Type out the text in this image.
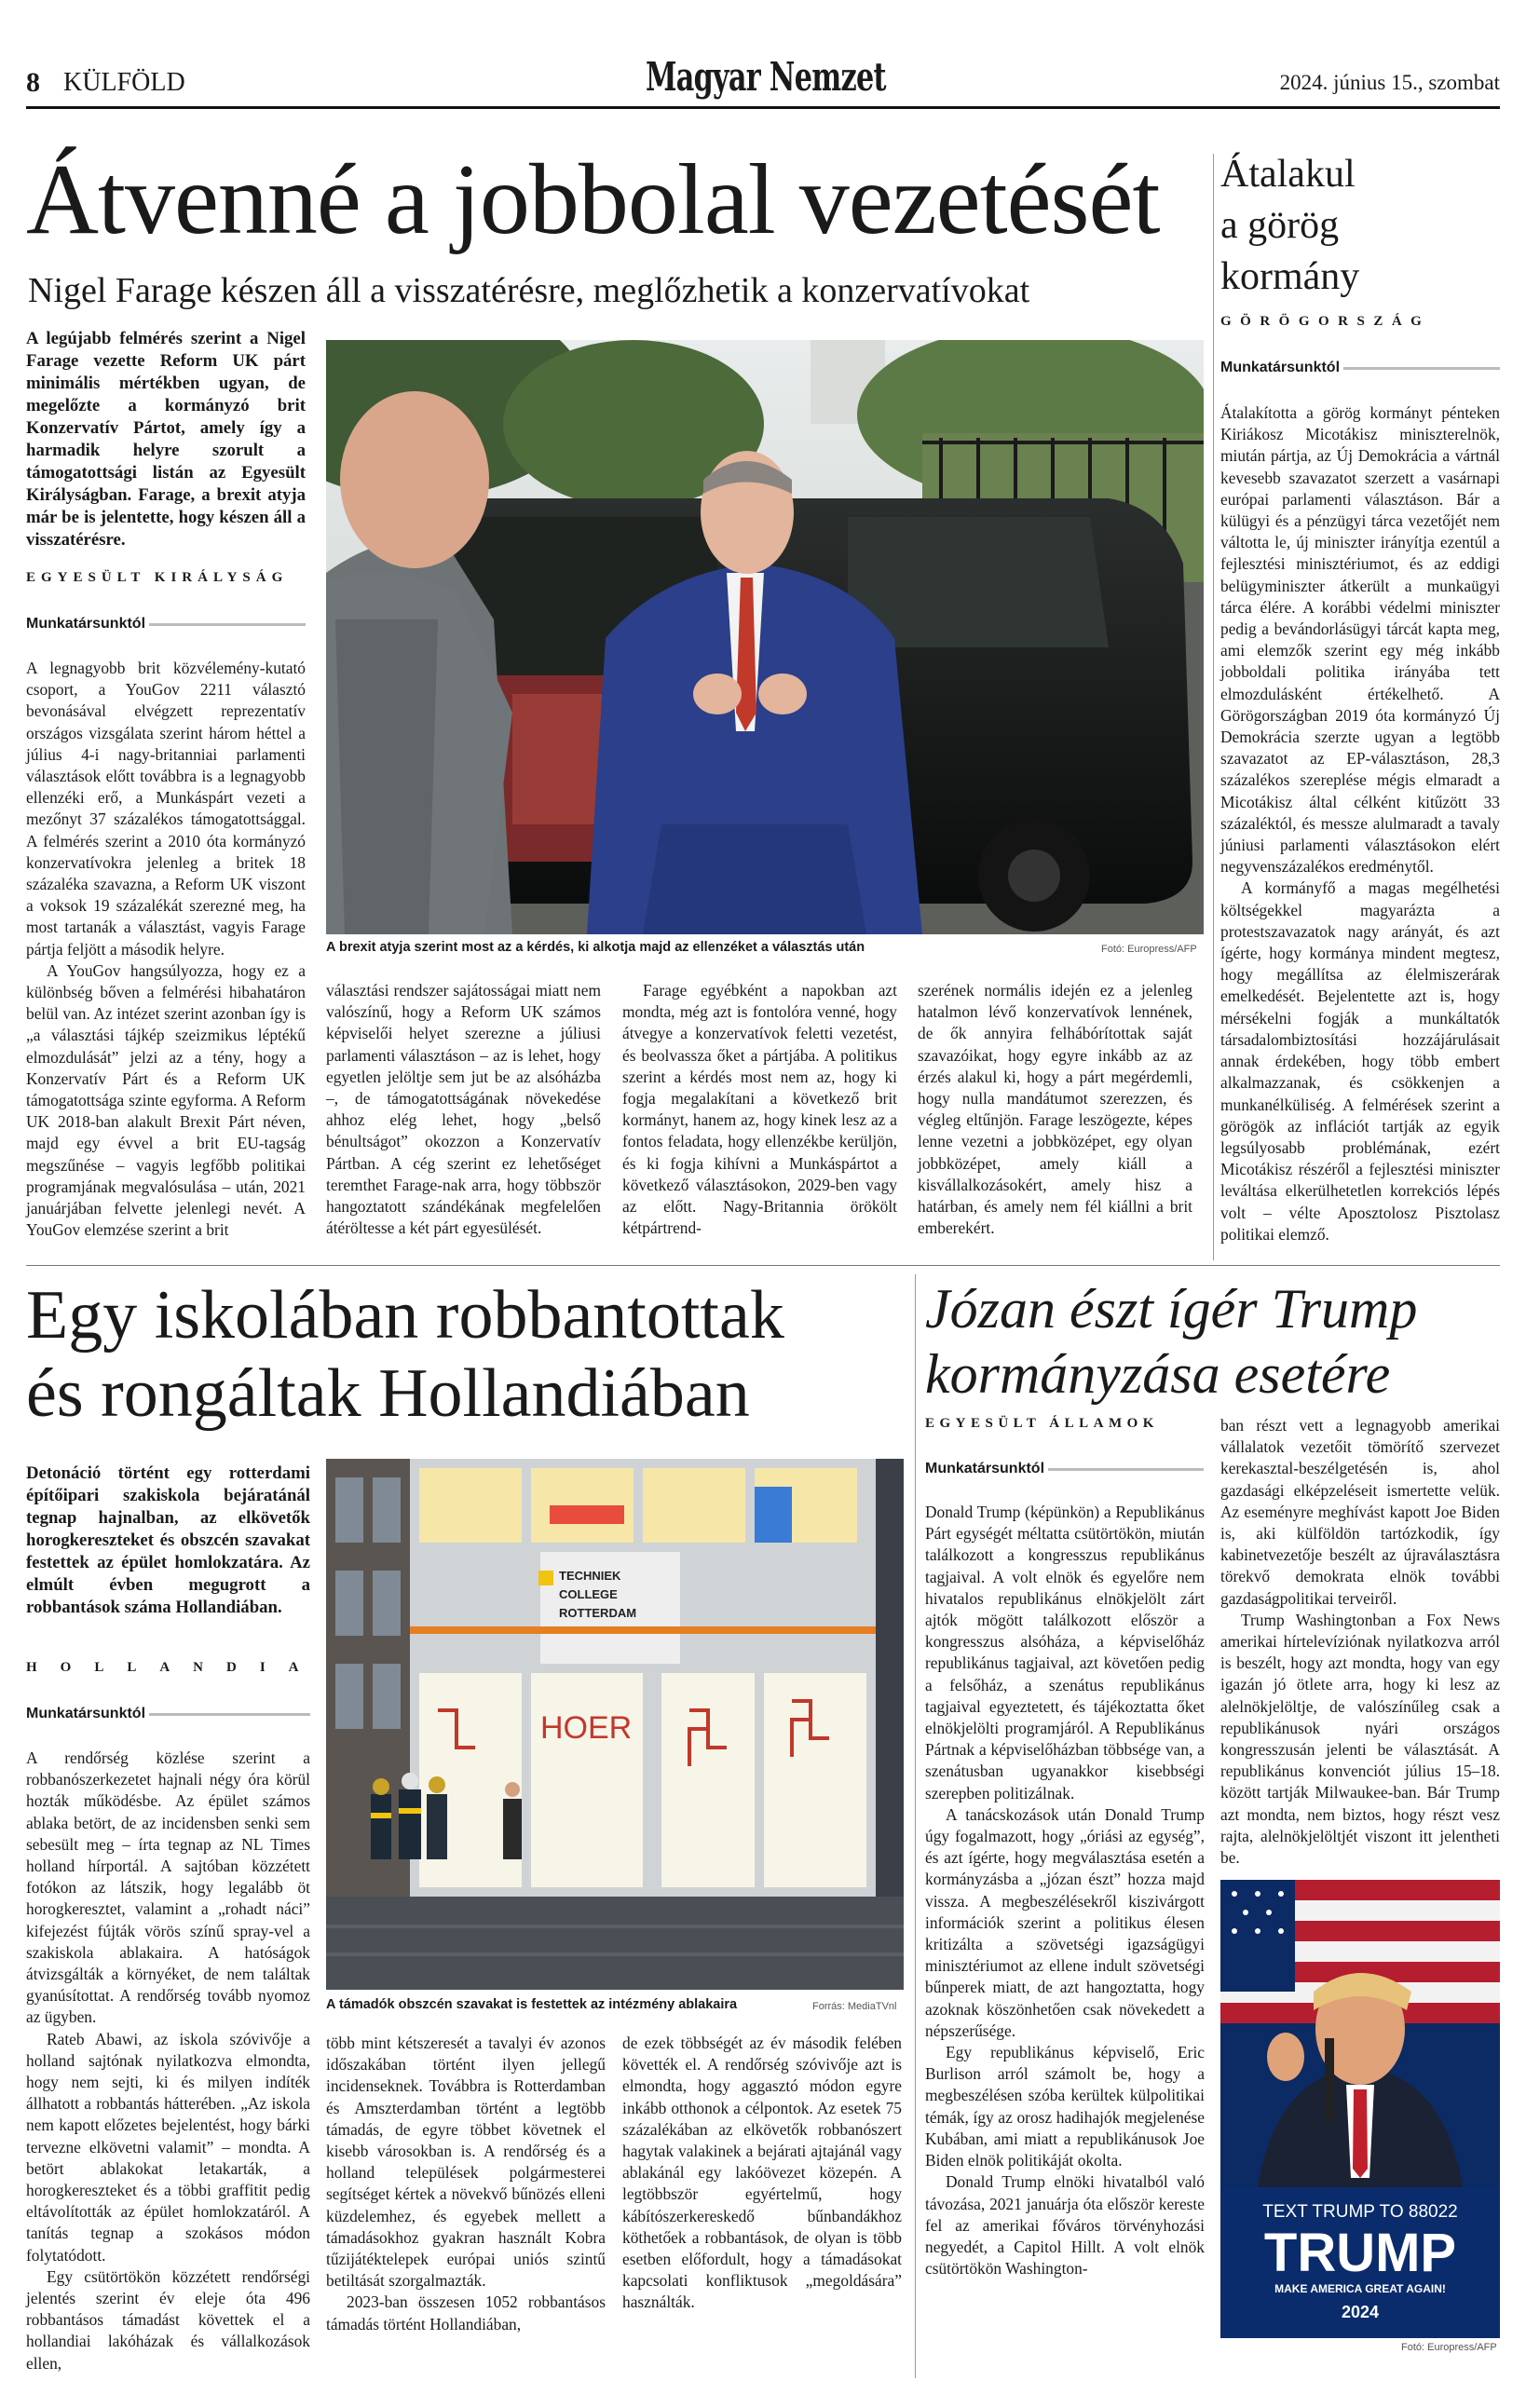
8 KÜLFÖLD	Magyar Nemzet	2024. június 15., szombat
Átvenné a jobbolal vezetését
Nigel Farage készen áll a visszatérésre, meglőzhetik a konzervatívokat
A legújabb felmérés szerint a Nigel Farage vezette Reform UK párt minimális mértékben ugyan, de megelőzte a kormányzó brit Konzervatív Pártot, amely így a harmadik helyre szorult a támogatottsági listán az Egyesült Királyságban. Farage, a brexit atyja már be is jelentette, hogy készen áll a visszatérésre.
EGYESÜLT KIRÁLYSÁG
Munkatársunktól

A legnagyobb brit közvélemény-kutató csoport, a YouGov 2211 választó bevonásával elvégzett reprezentatív országos vizsgálata szerint három héttel a július 4-i nagy-britanniai parlamenti választások előtt továbbra is a legnagyobb ellenzéki erő, a Munkáspárt vezeti a mezőnyt 37 százalékos támogatottsággal. A felmérés szerint a 2010 óta kormányzó konzervatívokra jelenleg a britek 18 százaléka szavazna, a Reform UK viszont a voksok 19 százalékát szerezné meg, ha most tartanák a választást, vagyis Farage pártja feljött a második helyre.

A YouGov hangsúlyozza, hogy ez a különbség bőven a felmérési hibahatáron belül van. Az intézet szerint azonban így is „a választási tájkép szeizmikus léptékű elmozdulását” jelzi az a tény, hogy a Konzervatív Párt és a Reform UK támogatottsága szinte egyforma. A Reform UK 2018-ban alakult Brexit Párt néven, majd egy évvel a brit EU-tagság megszűnése – vagyis legfőbb politikai programjának megvalósulása – után, 2021 januárjában felvette jelenlegi nevét. A YouGov elemzése szerint a brit

A brexit atyja szerint most az a kérdés, ki alkotja majd az ellenzéket a választás után	Fotó: Europress/AFP

választási rendszer sajátosságai miatt nem valószínű, hogy a Reform UK számos képviselői helyet szerezne a júliusi parlamenti választáson – az is lehet, hogy egyetlen jelöltje sem jut be az alsóházba –, de támogatottságának növekedése ahhoz elég lehet, hogy „belső bénultságot” okozzon a Konzervatív Pártban. A cég szerint ez lehetőséget teremthet Farage-nak arra, hogy többször hangoztatott szándékának megfelelően átéröltesse a két párt egyesülését.

Farage egyébként a napokban azt mondta, még azt is fontolóra venné, hogy átvegye a konzervatívok feletti vezetést, és beolvassza őket a pártjába. A politikus szerint a kérdés most nem az, hogy ki fogja megalakítani a következő brit kormányt, hanem az, hogy kinek lesz az a fontos feladata, hogy ellenzékbe kerüljön, és ki fogja kihívni a Munkáspártot a következő választásokon, 2029-ben vagy az előtt. Nagy-Britannia örökölt kétpártrend-

szerének normális idején ez a jelenleg hatalmon lévő konzervatívok lennének, de ők annyira felhábórítottak saját szavazóikat, hogy egyre inkább az az érzés alakul ki, hogy a párt megérdemli, hogy nulla mandátumot szerezzen, és végleg eltűnjön. Farage leszögezte, képes lenne vezetni a jobbközépet, egy olyan jobbközépet, amely kiáll a kisvállalkozásokért, amely hisz a határban, és amely nem fél kiállni a brit emberekért.

Átalakul
a görög
kormány
GÖRÖGORSZÁG
Munkatársunktól

Átalakította a görög kormányt pénteken Kiriákosz Micotákisz miniszterelnök, miután pártja, az Új Demokrácia a vártnál kevesebb szavazatot szerzett a vasárnapi európai parlamenti választáson. Bár a külügyi és a pénzügyi tárca vezetőjét nem váltotta le, új miniszter irányítja ezentúl a fejlesztési minisztériumot, és az eddigi belügyminiszter átkerült a munkaügyi tárca élére. A korábbi védelmi miniszter pedig a bevándorlásügyi tárcát kapta meg, ami elemzők szerint egy még inkább jobboldali politika irányába tett elmozdulásként értékelhető. A Görögországban 2019 óta kormányzó Új Demokrácia szerzte ugyan a legtöbb szavazatot az EP-választáson, 28,3 százalékos szereplése mégis elmaradt a Micotákisz által célként kitűzött 33 százaléktól, és messze alulmaradt a tavaly júniusi parlamenti választásokon elért negyvenszázalékos eredménytől.

A kormányfő a magas megélhetési költségekkel magyarázta a protestszavazatok nagy arányát, és azt ígérte, hogy kormánya mindent megtesz, hogy megállítsa az élelmiszerárak emelkedését. Bejelentette azt is, hogy mérsékelni fogják a munkáltatók társadalombiztosítási hozzájárulásait annak érdekében, hogy több embert alkalmazzanak, és csökkenjen a munkanélküliség. A felmérések szerint a görögök az inflációt tartják az egyik legsúlyosabb problémának, ezért Micotákisz részéről a fejlesztési miniszter leváltása elkerülhetetlen korrekciós lépés volt – vélte Aposztolosz Pisztolasz politikai elemző.

Egy iskolában robbantottak
és rongáltak Hollandiában
Detonáció történt egy rotterdami építőipari szakiskola bejáratánál tegnap hajnalban, az elkövetők horogkereszteket és obszcén szavakat festettek az épület homlokzatára. Az elmúlt évben megugrott a robbantások száma Hollandiában.
HOLLANDIA
Munkatársunktól

A rendőrség közlése szerint a robbanószerkezetet hajnali négy óra körül hozták működésbe. Az épület számos ablaka betört, de az incidensben senki sem sebesült meg – írta tegnap az NL Times holland hírportál. A sajtóban közzétett fotókon az látszik, hogy legalább öt horogkeresztet, valamint a „rohadt náci” kifejezést fújták vörös színű spray-vel a szakiskola ablakaira. A hatóságok átvizsgálták a környéket, de nem találtak gyanúsítottat. A rendőrség tovább nyomoz az ügyben.

Rateb Abawi, az iskola szóvivője a holland sajtónak nyilatkozva elmondta, hogy nem sejti, ki és milyen indíték állhatott a robbantás hátterében. „Az iskola nem kapott előzetes bejelentést, hogy bárki tervezne elkövetni valamit” – mondta. A betört ablakokat letakarták, a horogkereszteket és a többi graffitit pedig eltávolították az épület homlokzatáról. A tanítás tegnap a szokásos módon folytatódott.

Egy csütörtökön közzétett rendőrségi jelentés szerint év eleje óta 496 robbantásos támadást követtek el a hollandiai lakóházak és vállalkozások ellen,

TECHNIEK
COLLEGE
ROTTERDAM
HOER
A támadók obszcén szavakat is festettek az intézmény ablakaira	Forrás: MediaTVnl

több mint kétszeresét a tavalyi év azonos időszakában történt ilyen jellegű incidenseknek. Továbbra is Rotterdamban és Amszterdamban történt a legtöbb támadás, de egyre többet követnek el kisebb városokban is. A rendőrség és a holland települések polgármesterei segítséget kértek a növekvő bűnözés elleni küzdelemhez, és egyebek mellett a támadásokhoz gyakran használt Kobra tűzijátéktelepek európai uniós szintű betiltását szorgalmazták.

2023-ban összesen 1052 robbantásos támadás történt Hollandiában,

de ezek többségét az év második felében követték el. A rendőrség szóvivője azt is elmondta, hogy aggasztó módon egyre inkább otthonok a célpontok. Az esetek 75 százalékában az elkövetők robbanószert hagytak valakinek a bejárati ajtajánál vagy ablakánál egy lakóövezet közepén. A legtöbbször egyértelmű, hogy kábítószerkereskedő bűnbandákhoz köthetőek a robbantások, de olyan is több esetben előfordult, hogy a támadásokat kapcsolati konfliktusok „megoldására” használták.

Józan észt ígér Trump
kormányzása esetére
EGYESÜLT ÁLLAMOK
Munkatársunktól

Donald Trump (képünkön) a Republikánus Párt egységét méltatta csütörtökön, miután találkozott a kongresszus republikánus tagjaival. A volt elnök és egyelőre nem hivatalos republikánus elnökjelölt zárt ajtók mögött találkozott először a kongresszus alsóháza, a képviselőház republikánus tagjaival, azt követően pedig a felsőház, a szenátus republikánus tagjaival egyeztetett, és tájékoztatta őket elnökjelölti programjáról. A Republikánus Pártnak a képviselőházban többsége van, a szenátusban ugyanakkor kisebbségi szerepben politizálnak.

A tanácskozások után Donald Trump úgy fogalmazott, hogy „óriási az egység”, és azt ígérte, hogy megválasztása esetén a kormányzásba a „józan észt” hozza majd vissza. A megbeszélésekről kiszivárgott információk szerint a politikus élesen kritizálta a szövetségi igazságügyi minisztériumot az ellene indult szövetségi bűnperek miatt, de azt hangoztatta, hogy azoknak köszönhetően csak növekedett a népszerűsége.

Egy republikánus képviselő, Eric Burlison arról számolt be, hogy a megbeszélésen szóba kerültek külpolitikai témák, így az orosz hadihajók megjelenése Kubában, ami miatt a republikánusok Joe Biden elnök politikáját okolta.

Donald Trump elnöki hivatalból való távozása, 2021 januárja óta először kereste fel az amerikai főváros törvényhozási negyedét, a Capitol Hillt. A volt elnök csütörtökön Washington-

ban részt vett a legnagyobb amerikai vállalatok vezetőit tömörítő szervezet kerekasztal-beszélgetésén is, ahol gazdasági elképzeléseit ismertette velük. Az eseményre meghívást kapott Joe Biden is, aki külföldön tartózkodik, így kabinetvezetője beszélt az újraválasztásra törekvő demokrata elnök további gazdaságpolitikai terveiről.

Trump Washingtonban a Fox News amerikai hírtelevíziónak nyilatkozva arról is beszélt, hogy azt mondta, hogy van egy igazán jó ötlete arra, hogy ki lesz az alelnökjelöltje, de valószínűleg csak a republikánusok nyári országos kongresszusán jelenti be választását. A republikánus konvenciót július 15–18. között tartják Milwaukee-ban. Bár Trump azt mondta, nem biztos, hogy részt vesz rajta, alelnökjelöltjét viszont itt jelentheti be.

TEXT TRUMP TO 88022
TRUMP
MAKE AMERICA GREAT AGAIN!
2024
Fotó: Europress/AFP
